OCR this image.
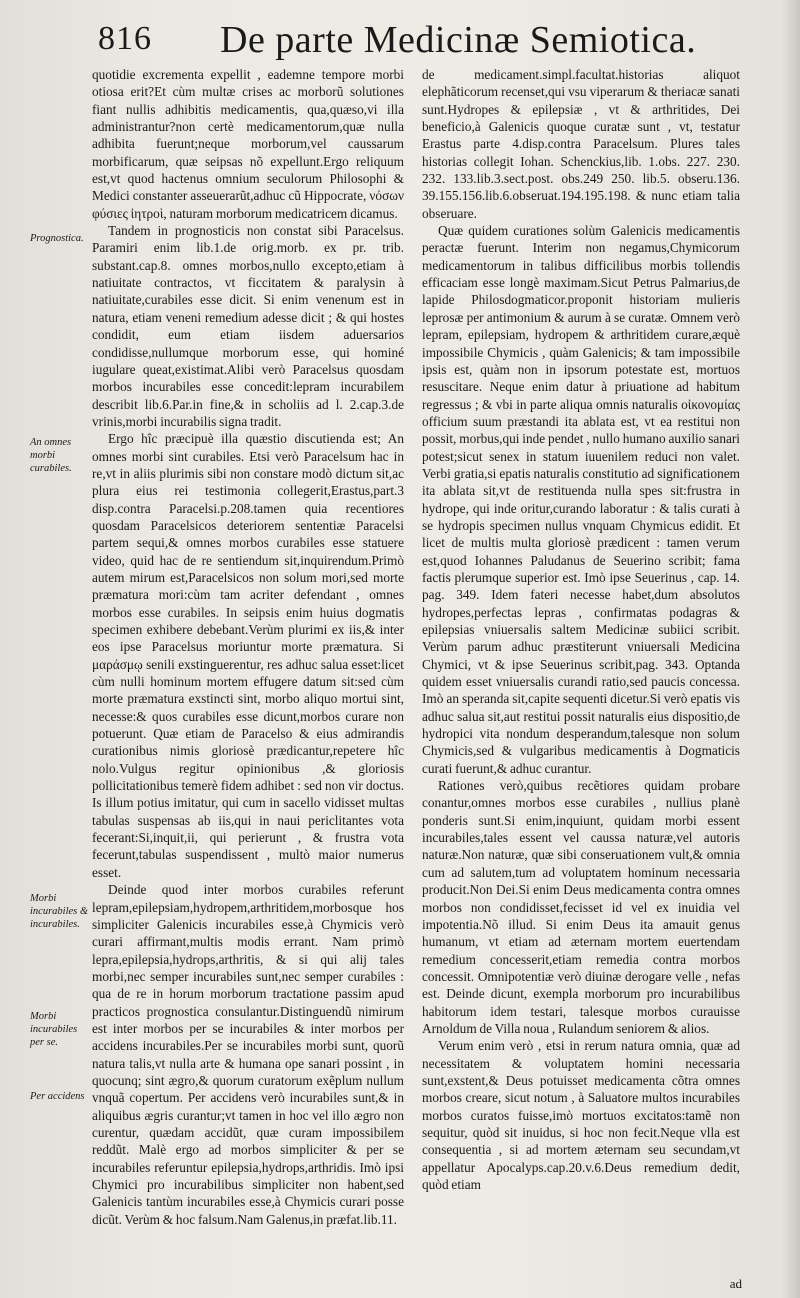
816 De parte Medicinæ Semiotica.
Prognostica.
An omnes morbi curabiles.
Morbi incurabiles & incurabiles.
Morbi incurabiles per se.
Per accidens

quotidie excrementa expellit , eademne tempore morbi otiosa erit?Et cùm multæ crises ac morborũ solutiones fiant nullis adhibitis medicamentis, qua,quæso,vi illa administrantur?non certè medicamentorum,quæ nulla adhibita fuerunt;neque morborum,vel caussarum morbificarum, quæ seipsas nõ expellunt.Ergo reliquum est,vt quod hactenus omnium seculorum Philosophi & Medici constanter asseuerarũt,adhuc cũ Hippocrate, νόσων φύσιες ἰητροὶ, naturam morborum medicatricem dicamus.

Tandem in prognosticis non constat sibi Paracelsus. Paramiri enim lib.1.de orig.morb. ex pr. trib. substant.cap.8. omnes morbos,nullo excepto,etiam à natiuitate contractos, vt ficcitatem & paralysin à natiuitate,curabiles esse dicit. Si enim venenum est in natura, etiam veneni remedium adesse dicit ; & qui hostes condidit, eum etiam iisdem aduersarios condidisse,nullumque morborum esse, qui hominé iugulare queat,existimat.Alibi verò Paracelsus quosdam morbos incurabiles esse concedit:lepram incurabilem describit lib.6.Par.in fine,& in scholiis ad l. 2.cap.3.de vrinis,morbi incurabilis signa tradit.

Ergo hîc præcipuè illa quæstio discutienda est; An omnes morbi sint curabiles. Etsi verò Paracelsum hac in re,vt in aliis plurimis sibi non constare modò dictum sit,ac plura eius rei testimonia collegerit,Erastus,part.3 disp.contra Paracelsi.p.208.tamen quia recentiores quosdam Paracelsicos deteriorem sententiæ Paracelsi partem sequi,& omnes morbos curabiles esse statuere video, quid hac de re sentiendum sit,inquirendum.Primò autem mirum est,Paracelsicos non solum mori,sed morte præmatura mori:cùm tam acriter defendant , omnes morbos esse curabiles. In seipsis enim huius dogmatis specimen exhibere debebant.Verùm plurimi ex iis,& inter eos ipse Paracelsus moriuntur morte præmatura. Si μαράσμῳ senili exstinguerentur, res adhuc salua esset:licet cùm nulli hominum mortem effugere datum sit:sed cùm morte præmatura exstincti sint, morbo aliquo mortui sint, necesse:& quos curabiles esse dicunt,morbos curare non potuerunt. Quæ etiam de Paracelso & eius admirandis curationibus nimis gloriosè prædicantur,repetere hîc nolo.Vulgus regitur opinionibus ,& gloriosis pollicitationibus temerè fidem adhibet : sed non vir doctus. Is illum potius imitatur, qui cum in sacello vidisset multas tabulas suspensas ab iis,qui in naui periclitantes vota fecerant:Si,inquit,ii, qui perierunt , & frustra vota fecerunt,tabulas suspendissent , multò maior numerus esset.

Deinde quod inter morbos curabiles referunt lepram,epilepsiam,hydropem,arthritidem,morbosque hos simpliciter Galenicis incurabiles esse,à Chymicis verò curari affirmant,multis modis errant. Nam primò lepra,epilepsia,hydrops,arthritis, & si qui alij tales morbi,nec semper incurabiles sunt,nec semper curabiles : qua de re in horum morborum tractatione passim apud practicos prognostica consulantur.Distinguendũ nimirum est inter morbos per se incurabiles & inter morbos per accidens incurabiles.Per se incurabiles morbi sunt, quorũ natura talis,vt nulla arte & humana ope sanari possint , in quocunq; sint ægro,& quorum curatorum exẽplum nullum vnquã copertum. Per accidens verò incurabiles sunt,& in aliquibus ægris curantur;vt tamen in hoc vel illo ægro non curentur, quædam accidũt, quæ curam impossibilem reddũt. Malè ergo ad morbos simpliciter & per se incurabiles referuntur epilepsia,hydrops,arthridis. Imò ipsi Chymici pro incurabilibus simpliciter non habent,sed Galenicis tantùm incurabiles esse,à Chymicis curari posse dicũt. Verùm & hoc falsum.Nam Galenus,in præfat.lib.11.

de medicament.simpl.facultat.historias aliquot elephãticorum recenset,qui vsu viperarum & theriacæ sanati sunt.Hydropes & epilepsiæ , vt & arthritides, Dei beneficio,à Galenicis quoque curatæ sunt , vt, testatur Erastus parte 4.disp.contra Paracelsum. Plures tales historias collegit Iohan. Schenckius,lib. 1.obs. 227. 230. 232. 133.lib.3.sect.post. obs.249 250. lib.5. obseru.136. 39.155.156.lib.6.obseruat.194.195.198. & nunc etiam talia obseruare.

Quæ quidem curationes solùm Galenicis medicamentis peractæ fuerunt. Interim non negamus,Chymicorum medicamentorum in talibus difficilibus morbis tollendis efficaciam esse longè maximam.Sicut Petrus Palmarius,de lapide Philosdogmaticor.proponit historiam mulieris leprosæ per antimonium & aurum à se curatæ. Omnem verò lepram, epilepsiam, hydropem & arthritidem curare,æquè impossibile Chymicis , quàm Galenicis; & tam impossibile ipsis est, quàm non in ipsorum potestate est, mortuos resuscitare. Neque enim datur à priuatione ad habitum regressus ; & vbi in parte aliqua omnis naturalis οἰκονομίας officium suum præstandi ita ablata est, vt ea restitui non possit, morbus,qui inde pendet , nullo humano auxilio sanari potest;sicut senex in statum iuuenilem reduci non valet. Verbi gratia,si epatis naturalis constitutio ad significationem ita ablata sit,vt de restituenda nulla spes sit:frustra in hydrope, qui inde oritur,curando laboratur : & talis curati à se hydropis specimen nullus vnquam Chymicus edidit. Et licet de multis multa gloriosè prædicent : tamen verum est,quod Iohannes Paludanus de Seuerino scribit; fama factis plerumque superior est. Imò ipse Seuerinus , cap. 14. pag. 349. Idem fateri necesse habet,dum absolutos hydropes,perfectas lepras , confirmatas podagras & epilepsias vniuersalis saltem Medicinæ subiici scribit. Verùm parum adhuc præstiterunt vniuersali Medicina Chymici, vt & ipse Seuerinus scribit,pag. 343. Optanda quidem esset vniuersalis curandi ratio,sed paucis concessa. Imò an speranda sit,capite sequenti dicetur.Si verò epatis vis adhuc salua sit,aut restitui possit naturalis eius dispositio,de hydropici vita nondum desperandum,talesque non solum Chymicis,sed & vulgaribus medicamentis à Dogmaticis curati fuerunt,& adhuc curantur.

Rationes verò,quibus recẽtiores quidam probare conantur,omnes morbos esse curabiles , nullius planè ponderis sunt.Si enim,inquiunt, quidam morbi essent incurabiles,tales essent vel caussa naturæ,vel autoris naturæ.Non naturæ, quæ sibi conseruationem vult,& omnia cum ad salutem,tum ad voluptatem hominum necessaria producit.Non Dei.Si enim Deus medicamenta contra omnes morbos non condidisset,fecisset id vel ex inuidia vel impotentia.Nõ illud. Si enim Deus ita amauit genus humanum, vt etiam ad æternam mortem euertendam remedium concesserit,etiam remedia contra morbos concessit. Omnipotentiæ verò diuinæ derogare velle , nefas est. Deinde dicunt, exempla morborum pro incurabilibus habitorum idem testari, talesque morbos curauisse Arnoldum de Villa noua , Rulandum seniorem & alios.

Verum enim verò , etsi in rerum natura omnia, quæ ad necessitatem & voluptatem homini necessaria sunt,exstent,& Deus potuisset medicamenta cõtra omnes morbos creare, sicut notum , à Saluatore multos incurabiles morbos curatos fuisse,imò mortuos excitatos:tamẽ non sequitur, quòd sit inuidus, si hoc non fecit.Neque vlla est consequentia , si ad mortem æternam seu secundam,vt appellatur Apocalyps.cap.20.v.6.Deus remedium dedit, quòd etiam

ad
